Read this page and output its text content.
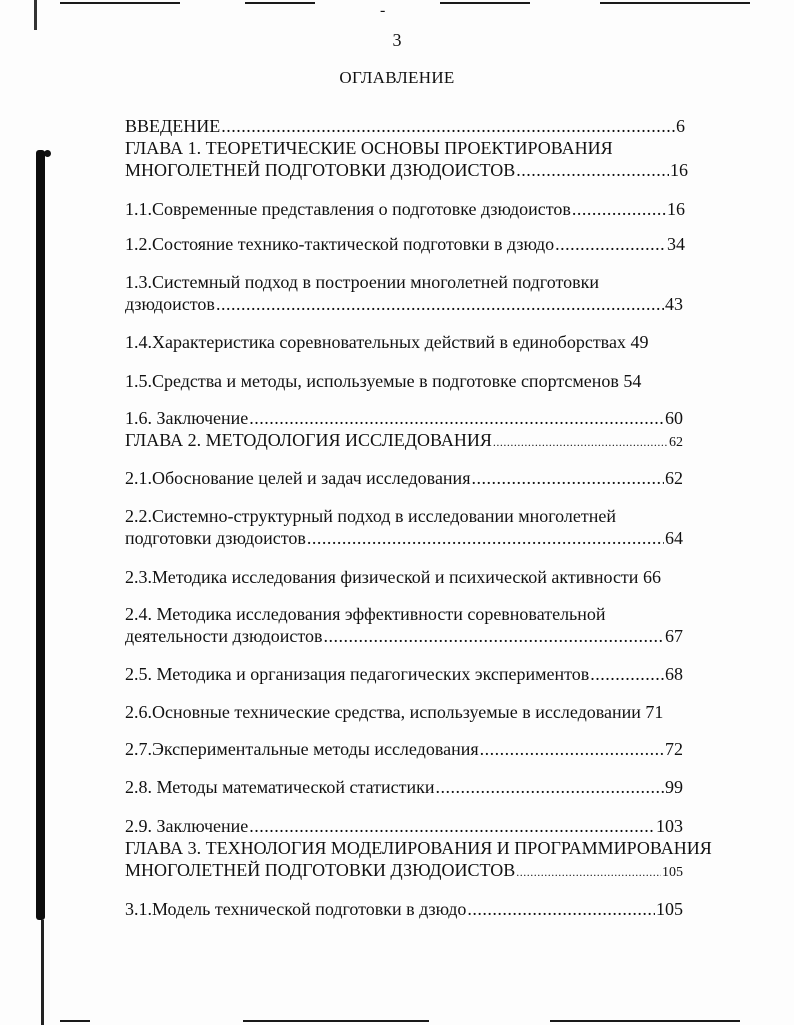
-
3
ОГЛАВЛЕНИЕ
ВВЕДЕНИЕ .....	6
ГЛАВА 1. ТЕОРЕТИЧЕСКИЕ ОСНОВЫ ПРОЕКТИРОВАНИЯ
МНОГОЛЕТНЕЙ ПОДГОТОВКИ ДЗЮДОИСТОВ .....	16
1.1.Современные представления о подготовке дзюдоистов .....	16
1.2.Состояние технико-тактической подготовки в дзюдо .....	34
1.3.Системный подход в построении многолетней подготовки
дзюдоистов .....	43
1.4.Характеристика соревновательных действий в единоборствах 49
1.5.Средства и методы, используемые в подготовке спортсменов 54
1.6. Заключение .....	60
ГЛАВА 2. МЕТОДОЛОГИЯ ИССЛЕДОВАНИЯ .....	62
2.1.Обоснование целей и задач исследования .....	62
2.2.Системно-структурный подход в исследовании многолетней
подготовки дзюдоистов .....	64
2.3.Методика исследования физической и психической активности 66
2.4. Методика исследования эффективности соревновательной
деятельности дзюдоистов .....	67
2.5. Методика и организация педагогических экспериментов .....	68
2.6.Основные технические средства, используемые в исследовании 71
2.7.Экспериментальные методы исследования .....	72
2.8. Методы математической статистики .....	99
2.9. Заключение .....	103
ГЛАВА 3. ТЕХНОЛОГИЯ МОДЕЛИРОВАНИЯ И ПРОГРАММИРОВАНИЯ
МНОГОЛЕТНЕЙ ПОДГОТОВКИ ДЗЮДОИСТОВ .....	105
3.1.Модель технической подготовки в дзюдо .....	105
